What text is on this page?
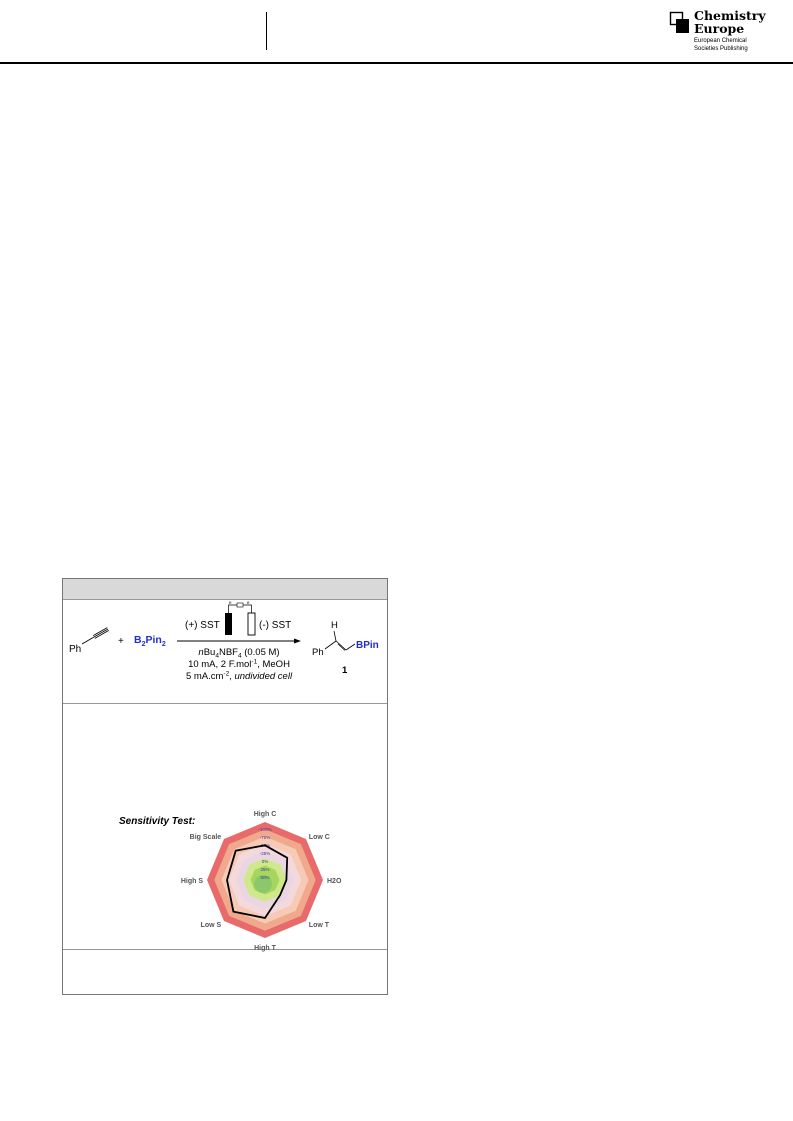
Chemistry
Europe
European Chemical
Societies Publishing
Ph
+ $B_2Pin_2$
(+) SST
e	e
(-) SST
$nBu_4NBF_4$ (0.05 M)
10 mA, 2 F.mol$^{-1}$, MeOH
5 $mA.cm^{-2}$, undivided cell
H
Ph
BPin
1
Sensitivity Test:
-100%
-75%
-50%
-25%
0%
25%
50%
High C
Low C
H2O
Low T
High T
Low S
High S
Big Scale
